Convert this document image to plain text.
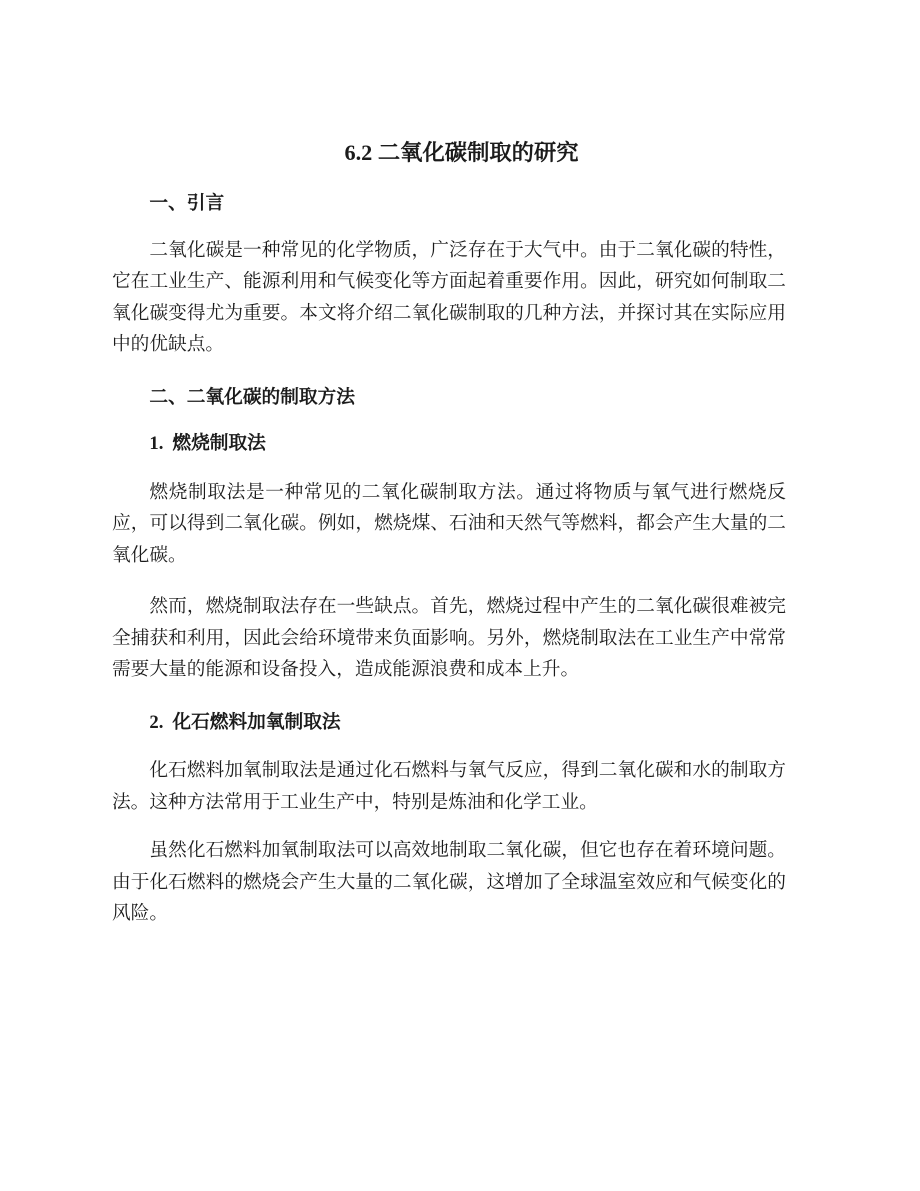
6.2 二氧化碳制取的研究
一、引言

二氧化碳是一种常见的化学物质，广泛存在于大气中。由于二氧化碳的特性，它在工业生产、能源利用和气候变化等方面起着重要作用。因此，研究如何制取二氧化碳变得尤为重要。本文将介绍二氧化碳制取的几种方法，并探讨其在实际应用中的优缺点。

二、二氧化碳的制取方法
1. 燃烧制取法

燃烧制取法是一种常见的二氧化碳制取方法。通过将物质与氧气进行燃烧反应，可以得到二氧化碳。例如，燃烧煤、石油和天然气等燃料，都会产生大量的二氧化碳。

然而，燃烧制取法存在一些缺点。首先，燃烧过程中产生的二氧化碳很难被完全捕获和利用，因此会给环境带来负面影响。另外，燃烧制取法在工业生产中常常需要大量的能源和设备投入，造成能源浪费和成本上升。

2. 化石燃料加氧制取法

化石燃料加氧制取法是通过化石燃料与氧气反应，得到二氧化碳和水的制取方法。这种方法常用于工业生产中，特别是炼油和化学工业。

虽然化石燃料加氧制取法可以高效地制取二氧化碳，但它也存在着环境问题。由于化石燃料的燃烧会产生大量的二氧化碳，这增加了全球温室效应和气候变化的风险。
